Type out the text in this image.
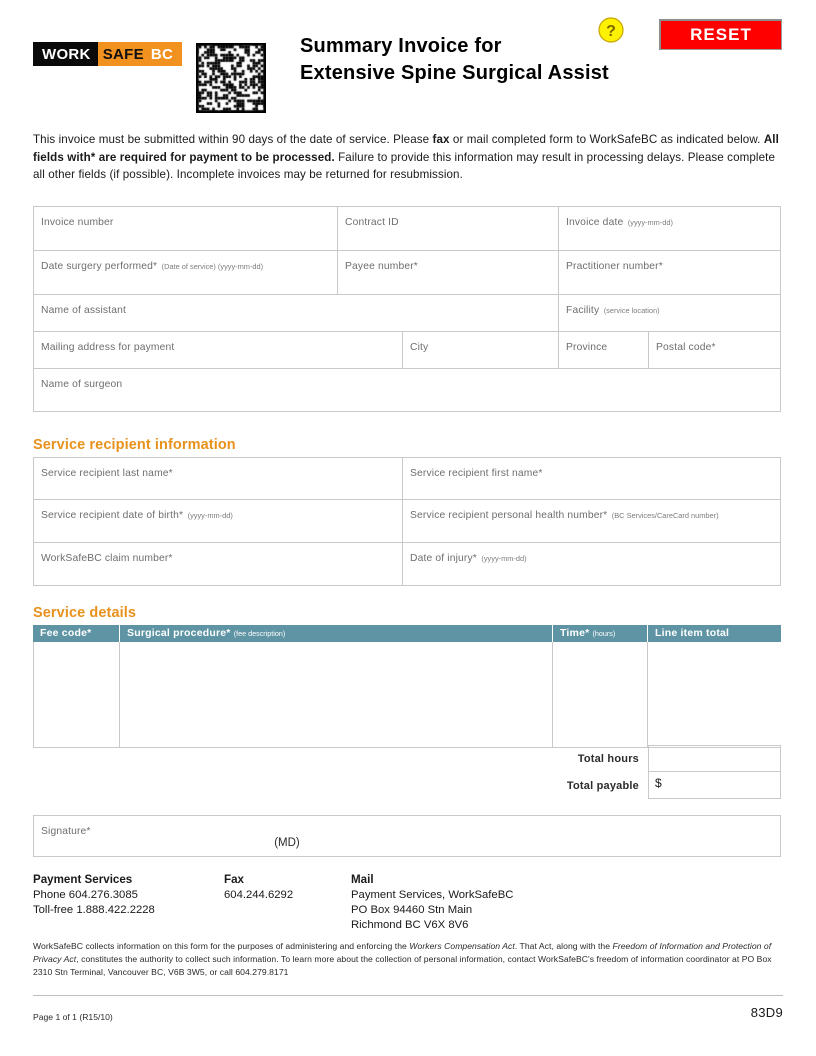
WORK SAFE BC	Summary Invoice for
Extensive Spine Surgical Assist
?	RESET
This invoice must be submitted within 90 days of the date of service. Please fax or mail completed form to WorkSafeBC as indicated below. All fields with* are required for payment to be processed. Failure to provide this information may result in processing delays. Please complete all other fields (if possible). Incomplete invoices may be returned for resubmission.
Invoice number	Contract ID	Invoice date (yyyy-mm-dd)
Date surgery performed* (Date of service) (yyyy-mm-dd)	Payee number*	Practitioner number*
Name of assistant	Facility (service location)
Mailing address for payment	City	Province	Postal code*
Name of surgeon
Service recipient information
Service recipient last name*	Service recipient first name*
Service recipient date of birth* (yyyy-mm-dd)	Service recipient personal health number* (BC Services/CareCard number)
WorkSafeBC claim number*	Date of injury* (yyyy-mm-dd)
Service details
Fee code*	Surgical procedure* (fee description)	Time* (hours)	Line item total
Total hours
Total payable	$
Signature*
(MD)
Payment Services
Phone 604.276.3085
Toll-free 1.888.422.2228
Fax
604.244.6292
Mail
Payment Services, WorkSafeBC
PO Box 94460 Stn Main
Richmond BC V6X 8V6
WorkSafeBC collects information on this form for the purposes of administering and enforcing the Workers Compensation Act. That Act, along with the Freedom of Information and Protection of Privacy Act, constitutes the authority to collect such information. To learn more about the collection of personal information, contact WorkSafeBC's freedom of information coordinator at PO Box 2310 Stn Terminal, Vancouver BC, V6B 3W5, or call 604.279.8171
Page 1 of 1 (R15/10)	83D9
